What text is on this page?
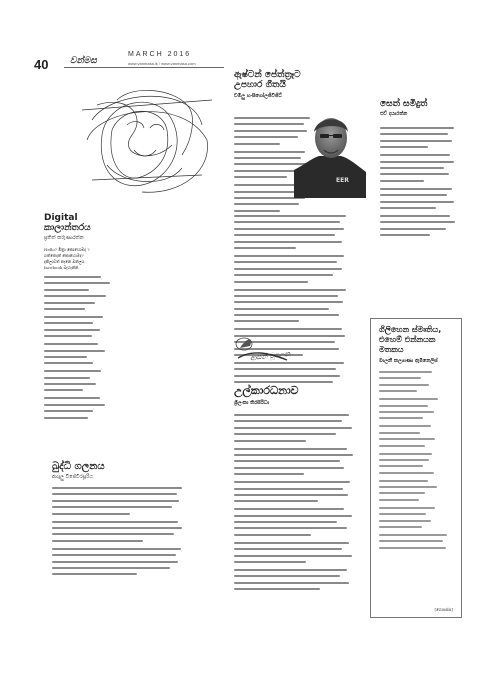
40 වන්මස
MARCH 2016
www.vanmasa.lk / www.vanmasa.com
Digital කාලාන්තරය
ප්‍රතිත් කරුණාරත්න
Hello? මිත්‍රා කොහොමද ?
ගත්තෙදත් කොහොමද?
දැකිලාවත් නෑනෙ ඔන්ලය
facebook බැහැන්න්.
බුද්ධි ගලනය
ආශුලු විජේවීරසූරිය
ඇෂ්ටන් පේත්ත්‍රෑට
උපහාර ගීතයි
චමිලු හංසිගෝලජිවිජිට්
EER
සෙත් සමිදුත්
එච් දයාරත්න
ආසන් මුලෙන
උල්කාරධනාව
ශ්‍රීලංකා තිරසිරිධා
ගිලිහෙන ස්මෘතිය,
එහෙම් එන්නයක
මතකය
මාලනී කල්‍යාණා ඇමිනෙලිස්
[ගොපස්ස]
